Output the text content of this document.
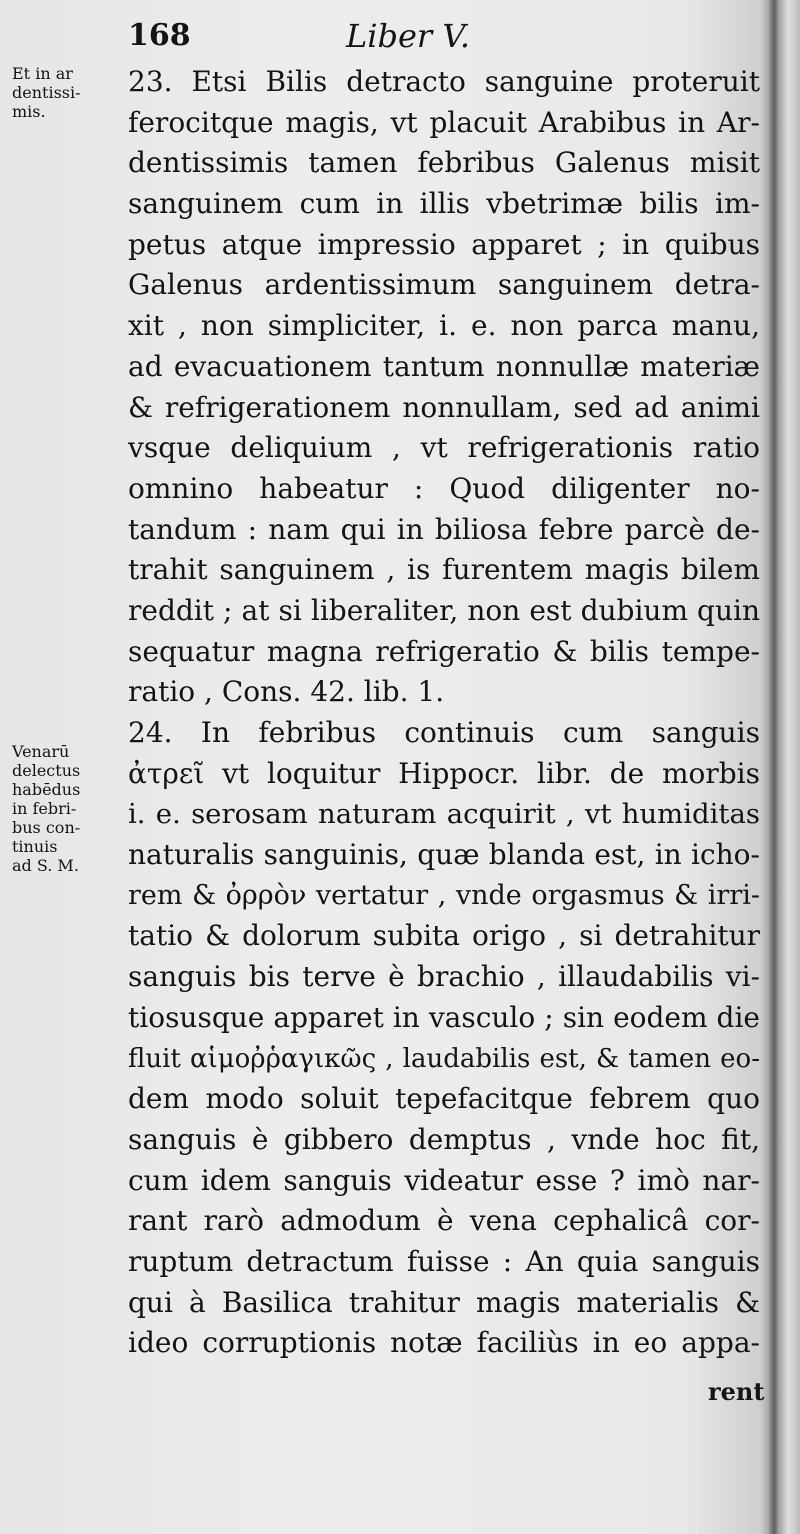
168	Liber V.
Et in ar
dentissi-
mis.
Venarū
delectus
habēdus
in febri-
bus con-
tinuis
ad S. M.
23. Etsi Bilis detracto sanguine proteruit
ferocitque magis, vt placuit Arabibus in Ar-
dentissimis tamen febribus Galenus misit
sanguinem cum in illis vbetrimæ bilis im-
petus atque impressio apparet ; in quibus
Galenus ardentissimum sanguinem detra-
xit , non simpliciter, i. e. non parca manu,
ad evacuationem tantum nonnullæ materiæ
& refrigerationem nonnullam, sed ad animi
vsque deliquium , vt refrigerationis ratio
omnino habeatur : Quod diligenter no-
tandum : nam qui in biliosa febre parcè de-
trahit sanguinem , is furentem magis bilem
reddit ; at si liberaliter, non est dubium quin
sequatur magna refrigeratio & bilis tempe-
ratio , Cons. 42. lib. 1.
24. In febribus continuis cum sanguis
ἀτρεῖ vt loquitur Hippocr. libr. de morbis
i. e. serosam naturam acquirit , vt humiditas
naturalis sanguinis, quæ blanda est, in icho-
rem & ὀρρὸν vertatur , vnde orgasmus & irri-
tatio & dolorum subita origo , si detrahitur
sanguis bis terve è brachio , illaudabilis vi-
tiosusque apparet in vasculo ; sin eodem die
fluit αἱμοῤῥαγικῶς , laudabilis est, & tamen eo-
dem modo soluit tepefacitque febrem quo
sanguis è gibbero demptus , vnde hoc fit,
cum idem sanguis videatur esse ? imò nar-
rant rarò admodum è vena cephalicâ cor-
ruptum detractum fuisse : An quia sanguis
qui à Basilica trahitur magis materialis &
ideo corruptionis notæ faciliùs in eo appa-
rent
